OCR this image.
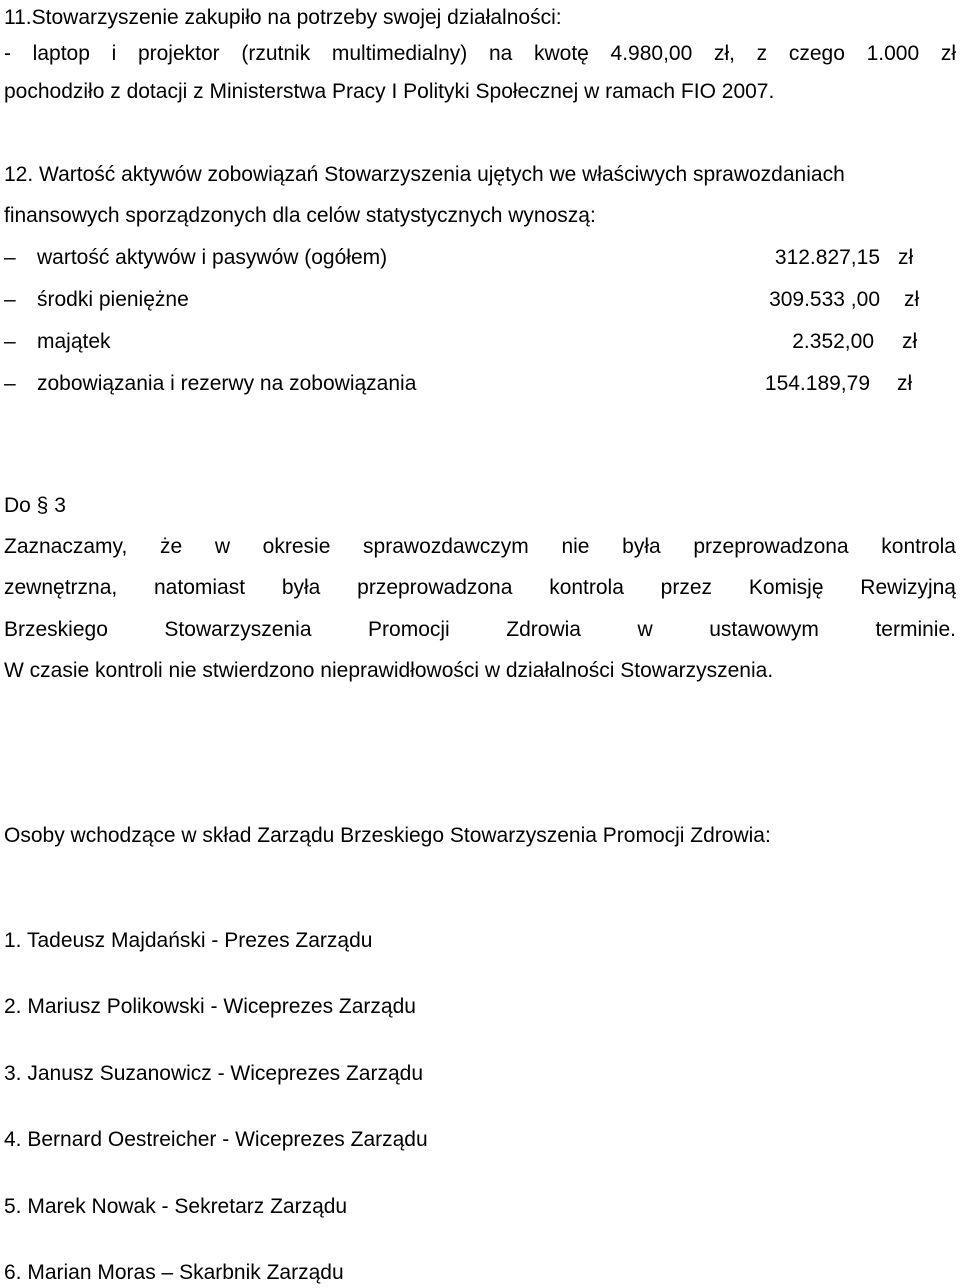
11.Stowarzyszenie zakupiło na potrzeby swojej działalności:
- laptop i projektor (rzutnik multimedialny) na kwotę 4.980,00 zł, z czego 1.000 zł
pochodziło z dotacji z Ministerstwa Pracy I Polityki Społecznej w ramach FIO 2007.
12. Wartość aktywów zobowiązań Stowarzyszenia ujętych we właściwych sprawozdaniach
finansowych sporządzonych dla celów statystycznych wynoszą:
– wartość aktywów i pasywów (ogółem)	312.827,15 zł
– środki pieniężne	309.533 ,00 zł
– majątek	2.352,00 zł
– zobowiązania i rezerwy na zobowiązania	154.189,79 zł
Do § 3
Zaznaczamy, że w okresie sprawozdawczym nie była przeprowadzona kontrola
zewnętrzna, natomiast była przeprowadzona kontrola przez Komisję Rewizyjną
Brzeskiego Stowarzyszenia Promocji Zdrowia w ustawowym terminie.
W czasie kontroli nie stwierdzono nieprawidłowości w działalności Stowarzyszenia.
Osoby wchodzące w skład Zarządu Brzeskiego Stowarzyszenia Promocji Zdrowia:
1. Tadeusz Majdański - Prezes Zarządu
2. Mariusz Polikowski - Wiceprezes Zarządu
3. Janusz Suzanowicz - Wiceprezes Zarządu
4. Bernard Oestreicher - Wiceprezes Zarządu
5. Marek Nowak - Sekretarz Zarządu
6. Marian Moras – Skarbnik Zarządu
